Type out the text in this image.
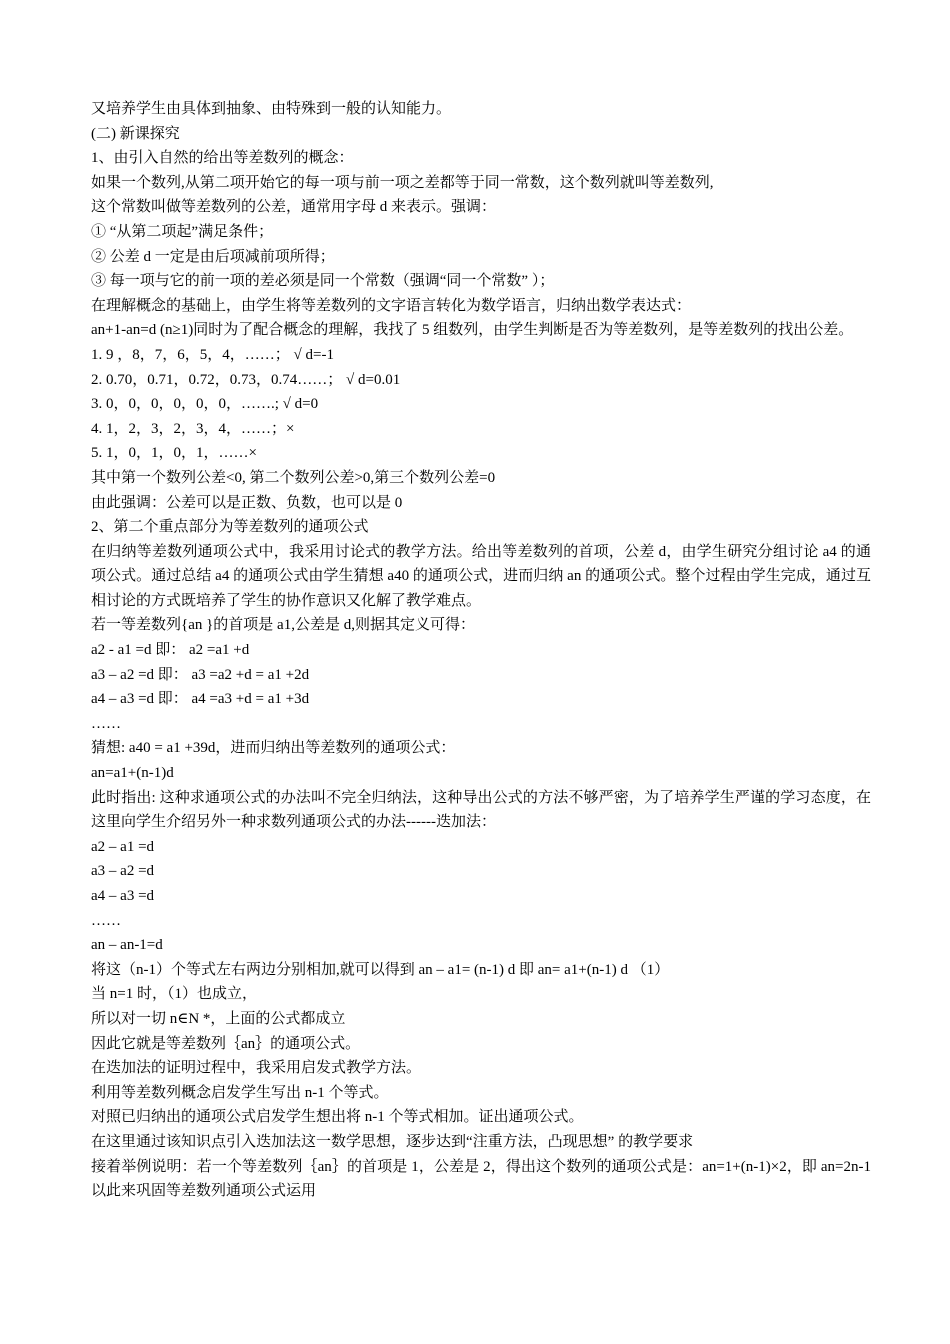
又培养学生由具体到抽象、由特殊到一般的认知能力。
(二) 新课探究
1、由引入自然的给出等差数列的概念：
如果一个数列,从第二项开始它的每一项与前一项之差都等于同一常数，这个数列就叫等差数列,
这个常数叫做等差数列的公差，通常用字母 d 来表示。强调：
① “从第二项起”满足条件；
② 公差 d 一定是由后项减前项所得；
③ 每一项与它的前一项的差必须是同一个常数（强调“同一个常数” ）；
在理解概念的基础上，由学生将等差数列的文字语言转化为数学语言，归纳出数学表达式：
an+1-an=d (n≥1)同时为了配合概念的理解，我找了 5 组数列，由学生判断是否为等差数列，是等差数列的找出公差。
1. 9 ，8，7，6，5，4，……； √ d=-1
2. 0.70，0.71，0.72，0.73，0.74……； √ d=0.01
3. 0，0，0，0，0，0，…….; √ d=0
4. 1，2，3，2，3，4，……；×
5. 1，0，1，0，1，……×
其中第一个数列公差<0, 第二个数列公差>0,第三个数列公差=0
由此强调：公差可以是正数、负数，也可以是 0
2、第二个重点部分为等差数列的通项公式
在归纳等差数列通项公式中，我采用讨论式的教学方法。给出等差数列的首项，公差 d，由学生研究分组讨论 a4 的通项公式。通过总结 a4 的通项公式由学生猜想 a40 的通项公式，进而归纳 an 的通项公式。整个过程由学生完成，通过互相讨论的方式既培养了学生的协作意识又化解了教学难点。
若一等差数列{an }的首项是 a1,公差是 d,则据其定义可得：
a2 - a1 =d 即： a2 =a1 +d
a3 – a2 =d 即： a3 =a2 +d = a1 +2d
a4 – a3 =d 即： a4 =a3 +d = a1 +3d
……
猜想: a40 = a1 +39d，进而归纳出等差数列的通项公式：
an=a1+(n-1)d
此时指出: 这种求通项公式的办法叫不完全归纳法，这种导出公式的方法不够严密，为了培养学生严谨的学习态度，在这里向学生介绍另外一种求数列通项公式的办法------迭加法：
a2 – a1 =d
a3 – a2 =d
a4 – a3 =d
……
an – an-1=d
将这（n-1）个等式左右两边分别相加,就可以得到 an – a1= (n-1) d 即 an= a1+(n-1) d （1）
当 n=1 时，（1）也成立，
所以对一切 n∈N *，上面的公式都成立
因此它就是等差数列｛an｝的通项公式。
在迭加法的证明过程中，我采用启发式教学方法。
利用等差数列概念启发学生写出 n-1 个等式。
对照已归纳出的通项公式启发学生想出将 n-1 个等式相加。证出通项公式。
在这里通过该知识点引入迭加法这一数学思想，逐步达到“注重方法，凸现思想” 的教学要求
接着举例说明：若一个等差数列｛an｝的首项是 1，公差是 2，得出这个数列的通项公式是：an=1+(n-1)×2，即 an=2n-1 以此来巩固等差数列通项公式运用
